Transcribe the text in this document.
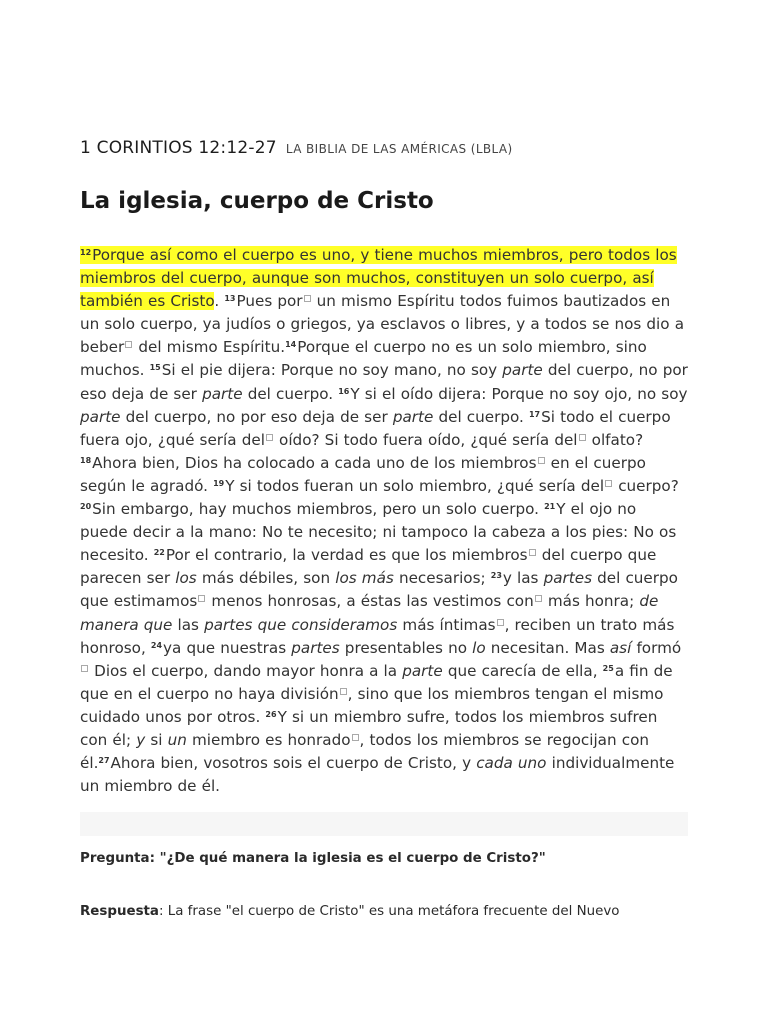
1 CORINTIOS 12:12-27 LA BIBLIA DE LAS AMÉRICAS (LBLA)
La iglesia, cuerpo de Cristo
$^{12}$Porque así como el cuerpo es uno, y tiene muchos miembros, pero todos los miembros del cuerpo, aunque son muchos, constituyen un solo cuerpo, así también es Cristo. $^{13}$Pues por un mismo Espíritu todos fuimos bautizados en un solo cuerpo, ya judíos o griegos, ya esclavos o libres, y a todos se nos dio a beber del mismo Espíritu.$^{14}$Porque el cuerpo no es un solo miembro, sino muchos. $^{15}$Si el pie dijera: Porque no soy mano, no soy parte del cuerpo, no por eso deja de ser parte del cuerpo. $^{16}$Y si el oído dijera: Porque no soy ojo, no soy parte del cuerpo, no por eso deja de ser parte del cuerpo. $^{17}$Si todo el cuerpo fuera ojo, ¿qué sería del oído? Si todo fuera oído, ¿qué sería del olfato? $^{18}$Ahora bien, Dios ha colocado a cada uno de los miembros en el cuerpo según le agradó. $^{19}$Y si todos fueran un solo miembro, ¿qué sería del cuerpo? $^{20}$Sin embargo, hay muchos miembros, pero un solo cuerpo. $^{21}$Y el ojo no puede decir a la mano: No te necesito; ni tampoco la cabeza a los pies: No os necesito. $^{22}$Por el contrario, la verdad es que los miembros del cuerpo que parecen ser los más débiles, son los más necesarios; $^{23}$y las partes del cuerpo que estimamos menos honrosas, a éstas las vestimos con más honra; de manera que las partes que consideramos más íntimas , reciben un trato más honroso, $^{24}$ya que nuestras partes presentables no lo necesitan. Mas así formó Dios el cuerpo, dando mayor honra a la parte que carecía de ella, $^{25}$a fin de que en el cuerpo no haya división , sino que los miembros tengan el mismo cuidado unos por otros. $^{26}$Y si un miembro sufre, todos los miembros sufren con él; y si un miembro es honrado , todos los miembros se regocijan con él.$^{27}$Ahora bien, vosotros sois el cuerpo de Cristo, y cada uno individualmente un miembro de él.
Pregunta: "¿De qué manera la iglesia es el cuerpo de Cristo?"
Respuesta: La frase "el cuerpo de Cristo" es una metáfora frecuente del Nuevo
